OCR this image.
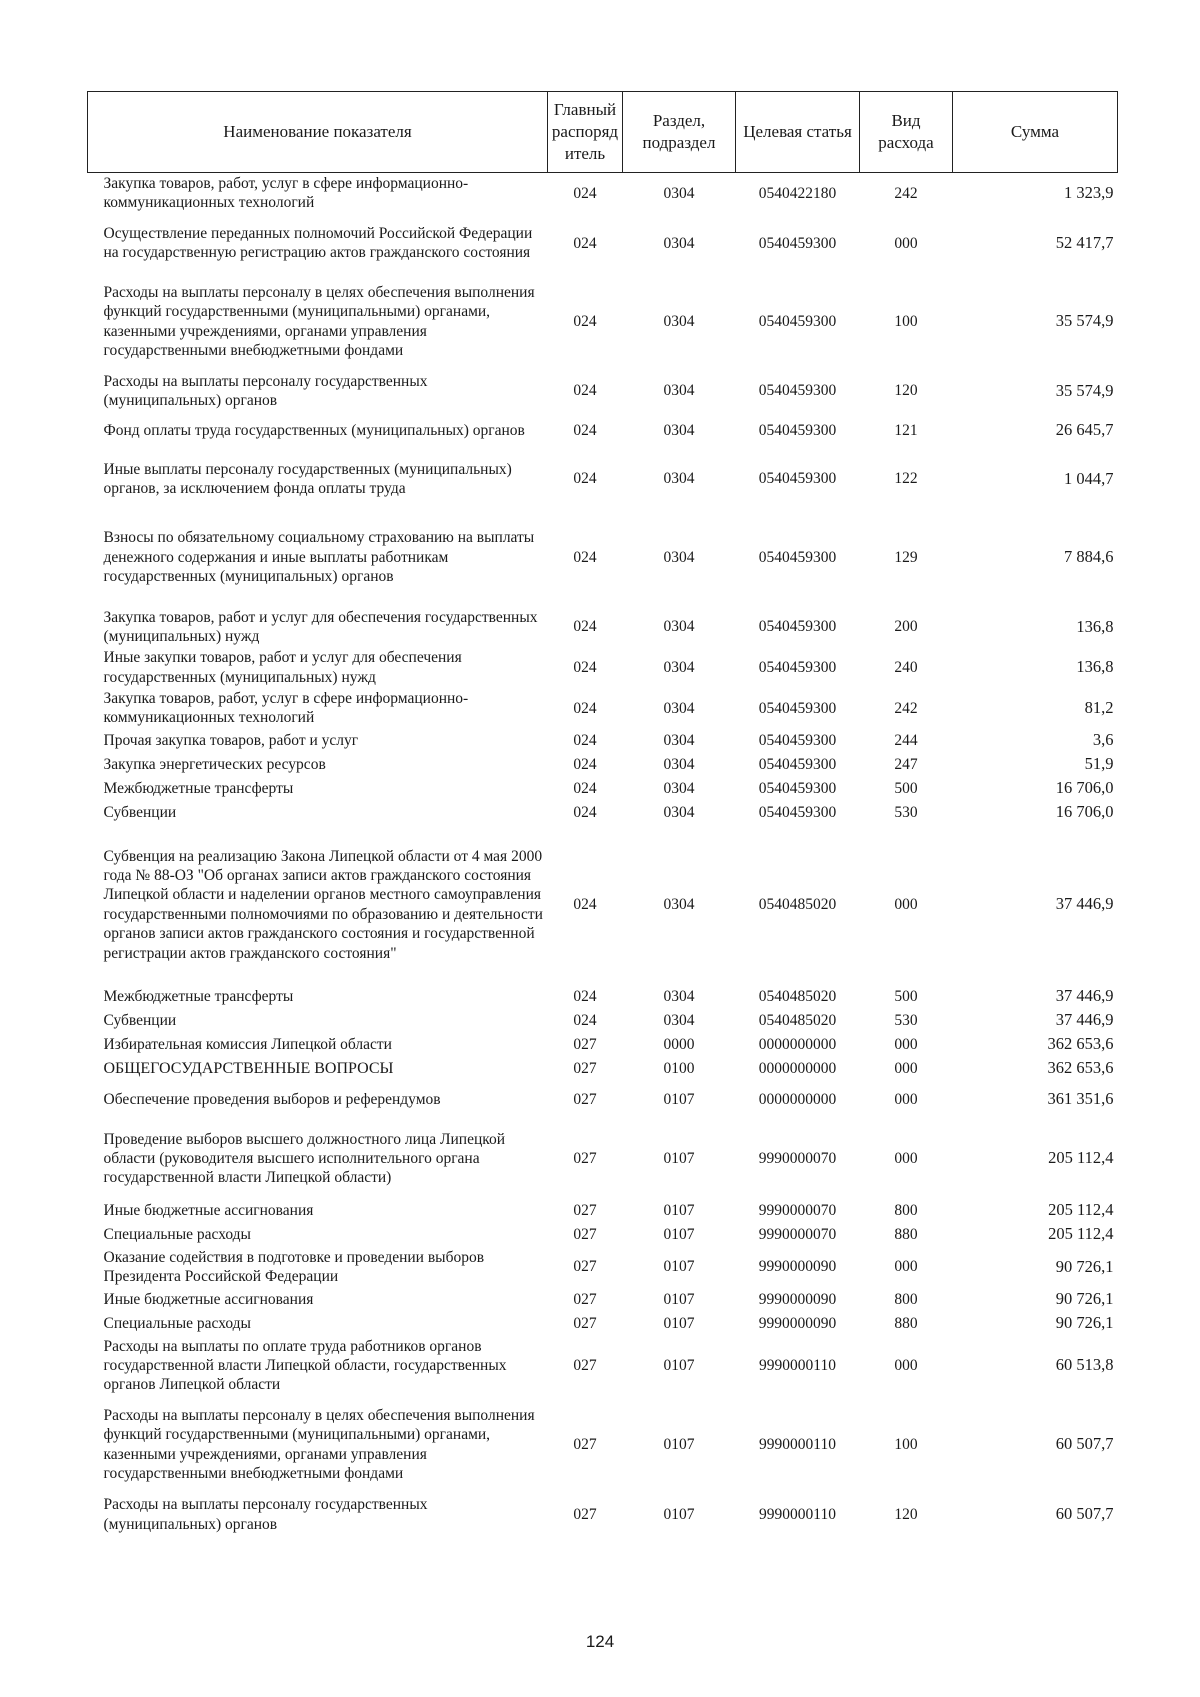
Наименование показателя	Главный распоряд итель	Раздел, подраздел	Целевая статья	Вид расхода	Сумма
Закупка товаров, работ, услуг в сфере информационно-коммуникационных технологий	024	0304	0540422180	242	1 323,9
Осуществление переданных полномочий Российской Федерации на государственную регистрацию актов гражданского состояния	024	0304	0540459300	000	52 417,7
Расходы на выплаты персоналу в целях обеспечения выполнения функций государственными (муниципальными) органами, казенными учреждениями, органами управления государственными внебюджетными фондами	024	0304	0540459300	100	35 574,9
Расходы на выплаты персоналу государственных (муниципальных) органов	024	0304	0540459300	120	35 574,9
Фонд оплаты труда государственных (муниципальных) органов	024	0304	0540459300	121	26 645,7
Иные выплаты персоналу государственных (муниципальных) органов, за исключением фонда оплаты труда	024	0304	0540459300	122	1 044,7
Взносы по обязательному социальному страхованию на выплаты денежного содержания и иные выплаты работникам государственных (муниципальных) органов	024	0304	0540459300	129	7 884,6
Закупка товаров, работ и услуг для обеспечения государственных (муниципальных) нужд	024	0304	0540459300	200	136,8
Иные закупки товаров, работ и услуг для обеспечения государственных (муниципальных) нужд	024	0304	0540459300	240	136,8
Закупка товаров, работ, услуг в сфере информационно-коммуникационных технологий	024	0304	0540459300	242	81,2
Прочая закупка товаров, работ и услуг	024	0304	0540459300	244	3,6
Закупка энергетических ресурсов	024	0304	0540459300	247	51,9
Межбюджетные трансферты	024	0304	0540459300	500	16 706,0
Субвенции	024	0304	0540459300	530	16 706,0
Субвенция на реализацию Закона Липецкой области от 4 мая 2000 года № 88-ОЗ "Об органах записи актов гражданского состояния Липецкой области и наделении органов местного самоуправления государственными полномочиями по образованию и деятельности органов записи актов гражданского состояния и государственной регистрации актов гражданского состояния"	024	0304	0540485020	000	37 446,9
Межбюджетные трансферты	024	0304	0540485020	500	37 446,9
Субвенции	024	0304	0540485020	530	37 446,9
Избирательная комиссия Липецкой области	027	0000	0000000000	000	362 653,6
ОБЩЕГОСУДАРСТВЕННЫЕ ВОПРОСЫ	027	0100	0000000000	000	362 653,6
Обеспечение проведения выборов и референдумов	027	0107	0000000000	000	361 351,6
Проведение выборов высшего должностного лица Липецкой области (руководителя высшего исполнительного органа государственной власти Липецкой области)	027	0107	9990000070	000	205 112,4
Иные бюджетные ассигнования	027	0107	9990000070	800	205 112,4
Специальные расходы	027	0107	9990000070	880	205 112,4
Оказание содействия в подготовке и проведении выборов Президента Российской Федерации	027	0107	9990000090	000	90 726,1
Иные бюджетные ассигнования	027	0107	9990000090	800	90 726,1
Специальные расходы	027	0107	9990000090	880	90 726,1
Расходы на выплаты по оплате труда работников органов государственной власти Липецкой области, государственных органов Липецкой области	027	0107	9990000110	000	60 513,8
Расходы на выплаты персоналу в целях обеспечения выполнения функций государственными (муниципальными) органами, казенными учреждениями, органами управления государственными внебюджетными фондами	027	0107	9990000110	100	60 507,7
Расходы на выплаты персоналу государственных (муниципальных) органов	027	0107	9990000110	120	60 507,7
124
